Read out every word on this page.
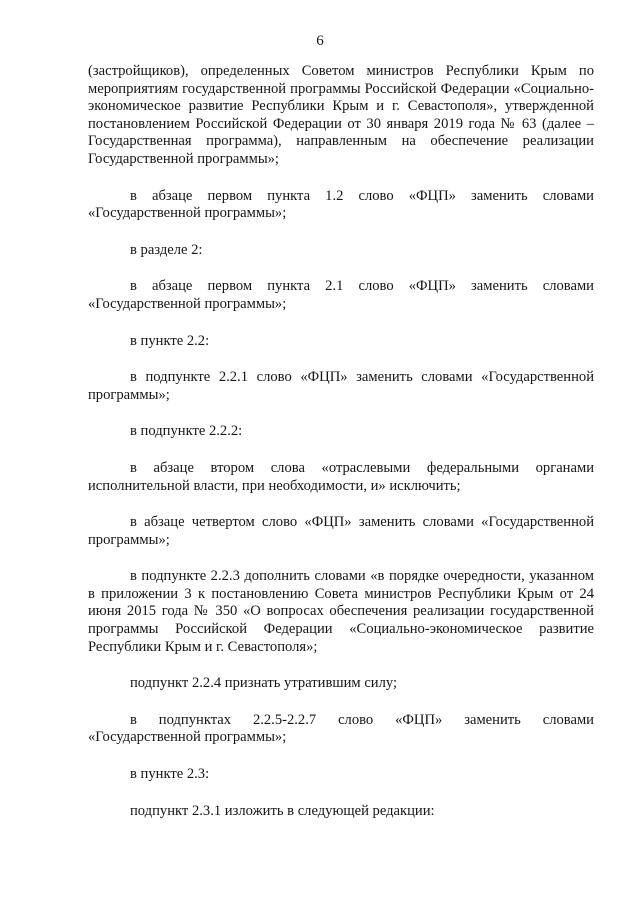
6

(застройщиков), определенных Советом министров Республики Крым по мероприятиям государственной программы Российской Федерации «Социально-экономическое развитие Республики Крым и г. Севастополя», утвержденной постановлением Российской Федерации от 30 января 2019 года № 63 (далее – Государственная программа), направленным на обеспечение реализации Государственной программы»;

в абзаце первом пункта 1.2 слово «ФЦП» заменить словами «Государственной программы»;

в разделе 2:

в абзаце первом пункта 2.1 слово «ФЦП» заменить словами «Государственной программы»;

в пункте 2.2:

в подпункте 2.2.1 слово «ФЦП» заменить словами «Государственной программы»;

в подпункте 2.2.2:

в абзаце втором слова «отраслевыми федеральными органами исполнительной власти, при необходимости, и» исключить;

в абзаце четвертом слово «ФЦП» заменить словами «Государственной программы»;

в подпункте 2.2.3 дополнить словами «в порядке очередности, указанном в приложении 3 к постановлению Совета министров Республики Крым от 24 июня 2015 года № 350 «О вопросах обеспечения реализации государственной программы Российской Федерации «Социально-экономическое развитие Республики Крым и г. Севастополя»;

подпункт 2.2.4 признать утратившим силу;

в подпунктах 2.2.5-2.2.7 слово «ФЦП» заменить словами «Государственной программы»;

в пункте 2.3:

подпункт 2.3.1 изложить в следующей редакции:
